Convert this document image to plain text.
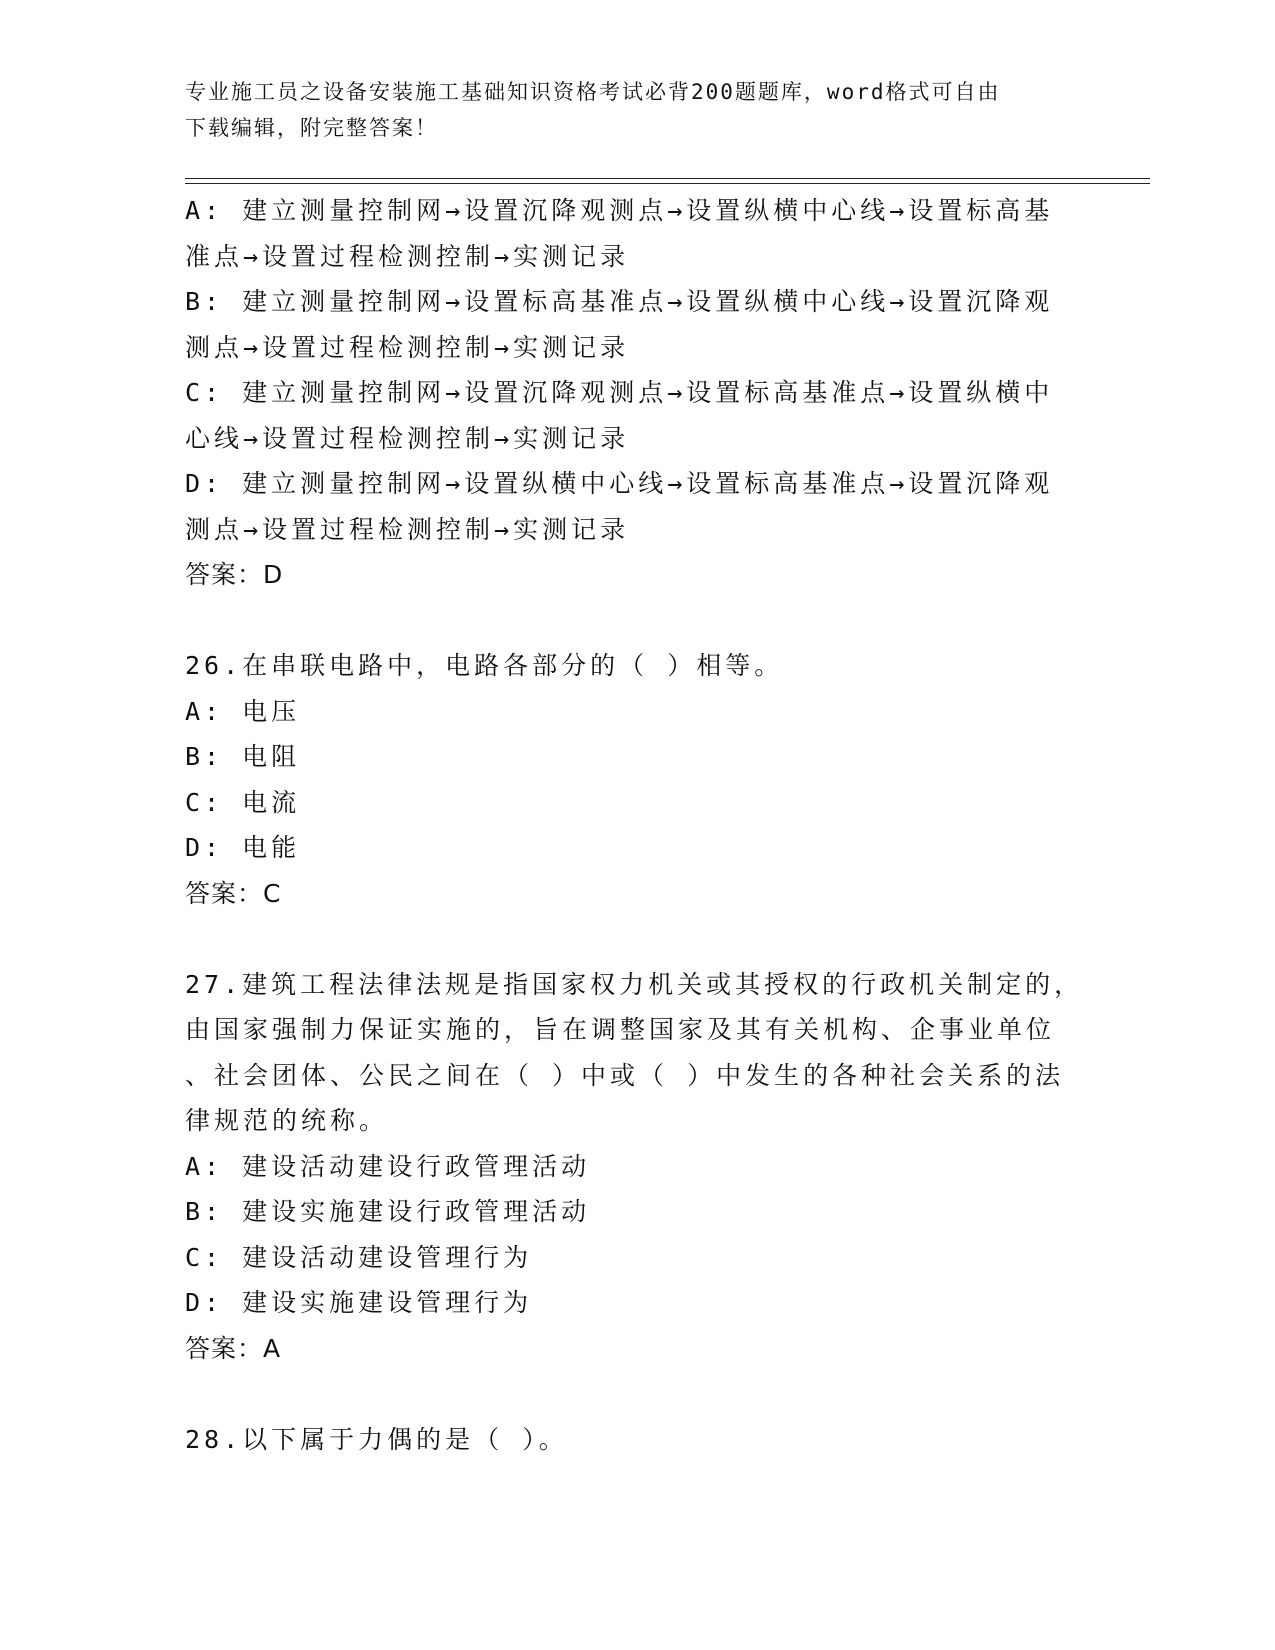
专业施工员之设备安装施工基础知识资格考试必背200题题库，word格式可自由
下载编辑，附完整答案！
A: 建立测量控制网→设置沉降观测点→设置纵横中心线→设置标高基
准点→设置过程检测控制→实测记录
B: 建立测量控制网→设置标高基准点→设置纵横中心线→设置沉降观
测点→设置过程检测控制→实测记录
C: 建立测量控制网→设置沉降观测点→设置标高基准点→设置纵横中
心线→设置过程检测控制→实测记录
D: 建立测量控制网→设置纵横中心线→设置标高基准点→设置沉降观
测点→设置过程检测控制→实测记录
答案：D
26.在串联电路中，电路各部分的（ ）相等。
A: 电压
B: 电阻
C: 电流
D: 电能
答案：C
27.建筑工程法律法规是指国家权力机关或其授权的行政机关制定的，
由国家强制力保证实施的，旨在调整国家及其有关机构、企事业单位
、社会团体、公民之间在（ ）中或（ ）中发生的各种社会关系的法
律规范的统称。
A: 建设活动建设行政管理活动
B: 建设实施建设行政管理活动
C: 建设活动建设管理行为
D: 建设实施建设管理行为
答案：A
28.以下属于力偶的是（ ）。
